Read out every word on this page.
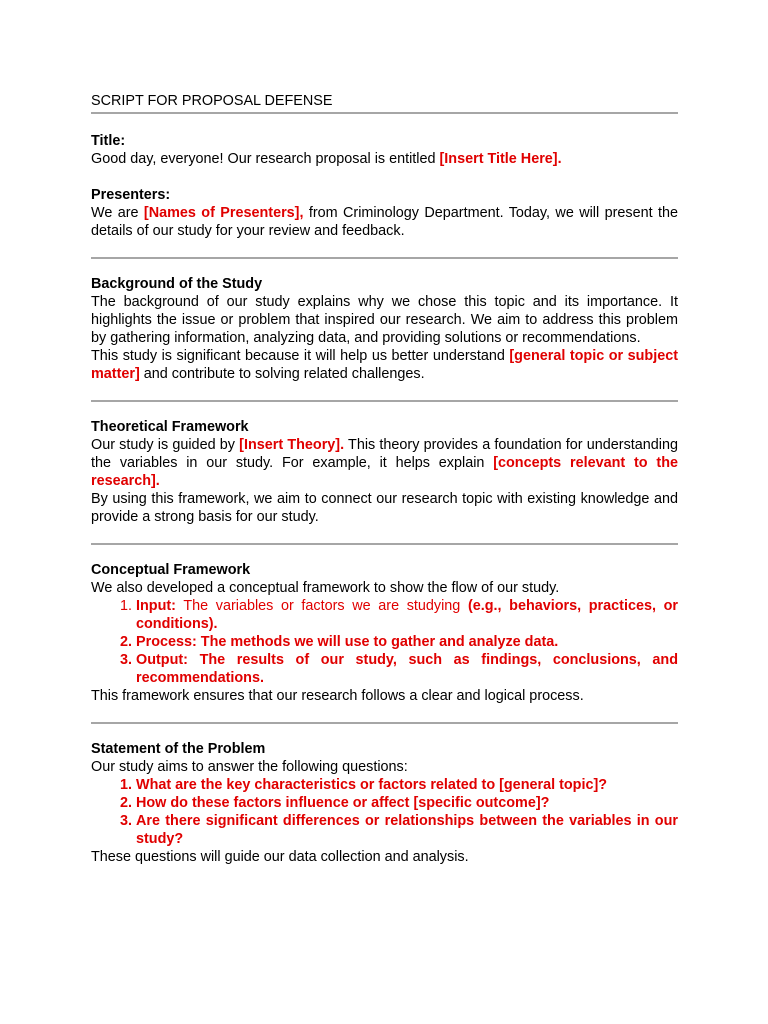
SCRIPT FOR PROPOSAL DEFENSE
Title:
Good day, everyone! Our research proposal is entitled [Insert Title Here].
Presenters:
We are [Names of Presenters], from Criminology Department. Today, we will present the details of our study for your review and feedback.
Background of the Study
The background of our study explains why we chose this topic and its importance. It highlights the issue or problem that inspired our research. We aim to address this problem by gathering information, analyzing data, and providing solutions or recommendations.
This study is significant because it will help us better understand [general topic or subject matter] and contribute to solving related challenges.
Theoretical Framework
Our study is guided by [Insert Theory]. This theory provides a foundation for understanding the variables in our study. For example, it helps explain [concepts relevant to the research].
By using this framework, we aim to connect our research topic with existing knowledge and provide a strong basis for our study.
Conceptual Framework
We also developed a conceptual framework to show the flow of our study.
1. Input: The variables or factors we are studying (e.g., behaviors, practices, or conditions).
2. Process: The methods we will use to gather and analyze data.
3. Output: The results of our study, such as findings, conclusions, and recommendations.
This framework ensures that our research follows a clear and logical process.
Statement of the Problem
Our study aims to answer the following questions:
1. What are the key characteristics or factors related to [general topic]?
2. How do these factors influence or affect [specific outcome]?
3. Are there significant differences or relationships between the variables in our study?
These questions will guide our data collection and analysis.
